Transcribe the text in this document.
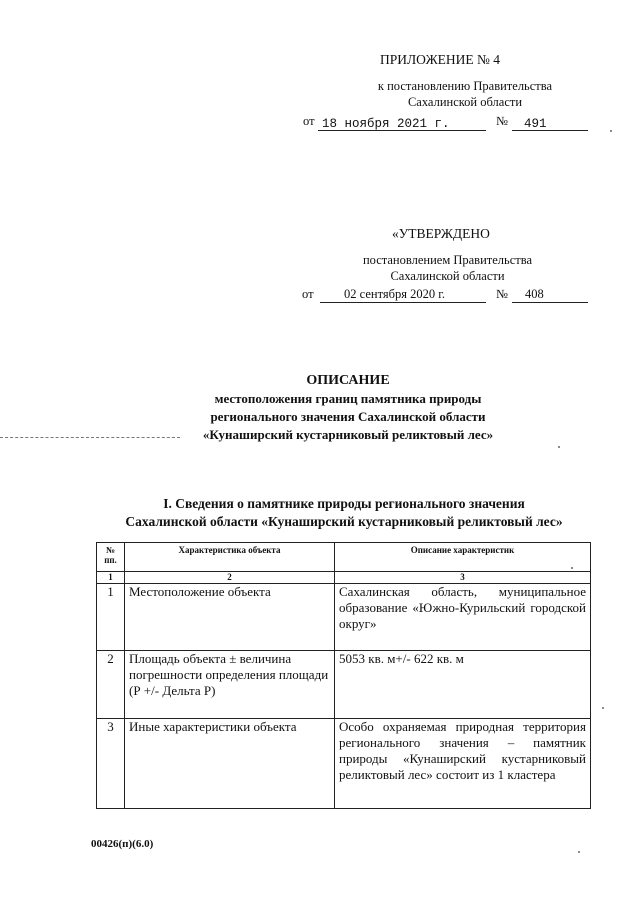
ПРИЛОЖЕНИЕ № 4
к постановлению Правительства
Сахалинской области
от 18 ноября 2021 г.	№ 491
«УТВЕРЖДЕНО
постановлением Правительства
Сахалинской области
от 02 сентября 2020 г.	№ 408
ОПИСАНИЕ
местоположения границ памятника природы
регионального значения Сахалинской области
«Кунаширский кустарниковый реликтовый лес»
I. Сведения о памятнике природы регионального значения
Сахалинской области «Кунаширский кустарниковый реликтовый лес»
№ пп.	Характеристика объекта	Описание характеристик
1	2	3
1	Местоположение объекта	Сахалинская область, муниципальное образование «Южно-Курильский городской округ»
2	Площадь объекта ± величина погрешности определения площади (Р +/- Дельта Р)	5053 кв. м+/- 622 кв. м
3	Иные характеристики объекта	Особо охраняемая природная территория регионального значения – памятник природы «Кунаширский кустарниковый реликтовый лес» состоит из 1 кластера
00426(п)(6.0)
